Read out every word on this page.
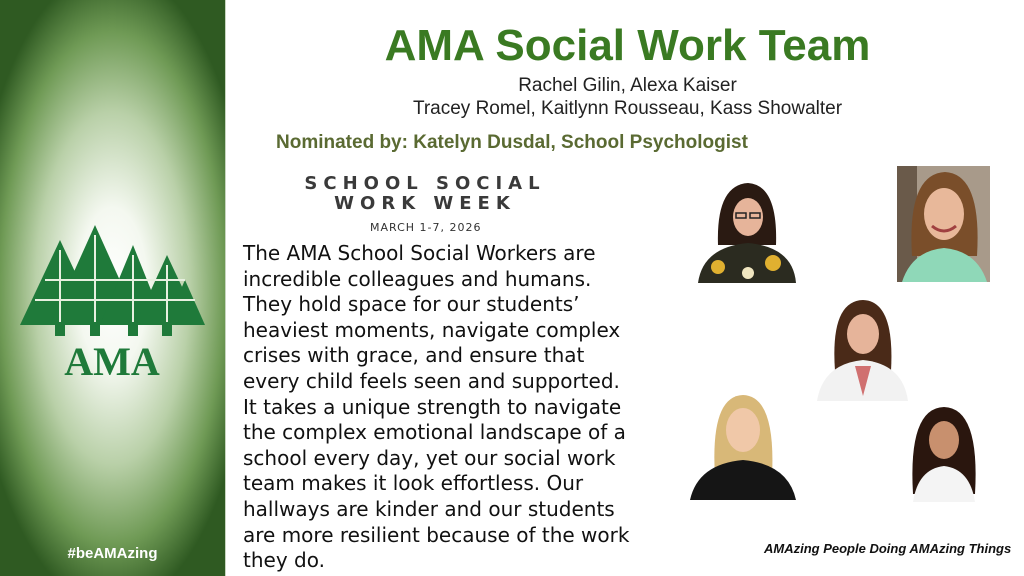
AMA
#beAMAzing
AMA Social Work Team
Rachel Gilin, Alexa Kaiser
Tracey Romel, Kaitlynn Rousseau, Kass Showalter
Nominated by: Katelyn Dusdal, School Psychologist
SCHOOL SOCIAL
WORK WEEK
MARCH 1-7, 2026

The AMA School Social Workers are
incredible colleagues and humans.
They hold space for our students’
heaviest moments, navigate complex
crises with grace, and ensure that
every child feels seen and supported.
It takes a unique strength to navigate
the complex emotional landscape of a
school every day, yet our social work
team makes it look effortless. Our
hallways are kinder and our students
are more resilient because of the work
they do.	AMAzing People Doing AMAzing Things
